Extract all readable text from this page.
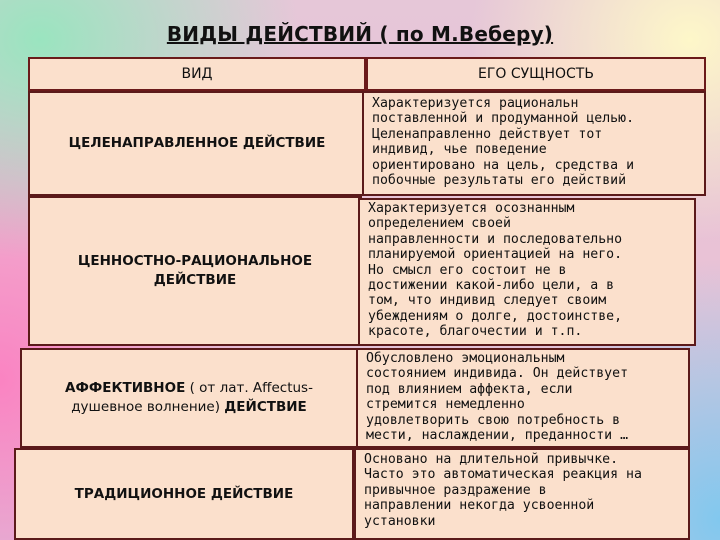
ВИДЫ ДЕЙСТВИЙ ( по М.Веберу)
ВИД	ЕГО СУЩНОСТЬ
ЦЕЛЕНАПРАВЛЕННОЕ ДЕЙСТВИЕ
Характеризуется рациональн
поставленной и продуманной целью.
Целенаправленно действует тот
индивид, чье поведение
ориентировано на цель, средства и
побочные результаты его действий
ЦЕННОСТНО-РАЦИОНАЛЬНОЕ
ДЕЙСТВИЕ
Характеризуется осознанным
определением своей
направленности и последовательно
планируемой ориентацией на него.
Но смысл его состоит не в
достижении какой-либо цели, а в
том, что индивид следует своим
убеждениям о долге, достоинстве,
красоте, благочестии и т.п.
АФФЕКТИВНОЕ ( от лат. Affectus-
душевное волнение) ДЕЙСТВИЕ
Обусловлено эмоциональным
состоянием индивида. Он действует
под влиянием аффекта, если
стремится немедленно
удовлетворить свою потребность в
мести, наслаждении, преданности …
ТРАДИЦИОННОЕ ДЕЙСТВИЕ
Основано на длительной привычке.
Часто это автоматическая реакция на
привычное раздражение в
направлении некогда усвоенной
установки
